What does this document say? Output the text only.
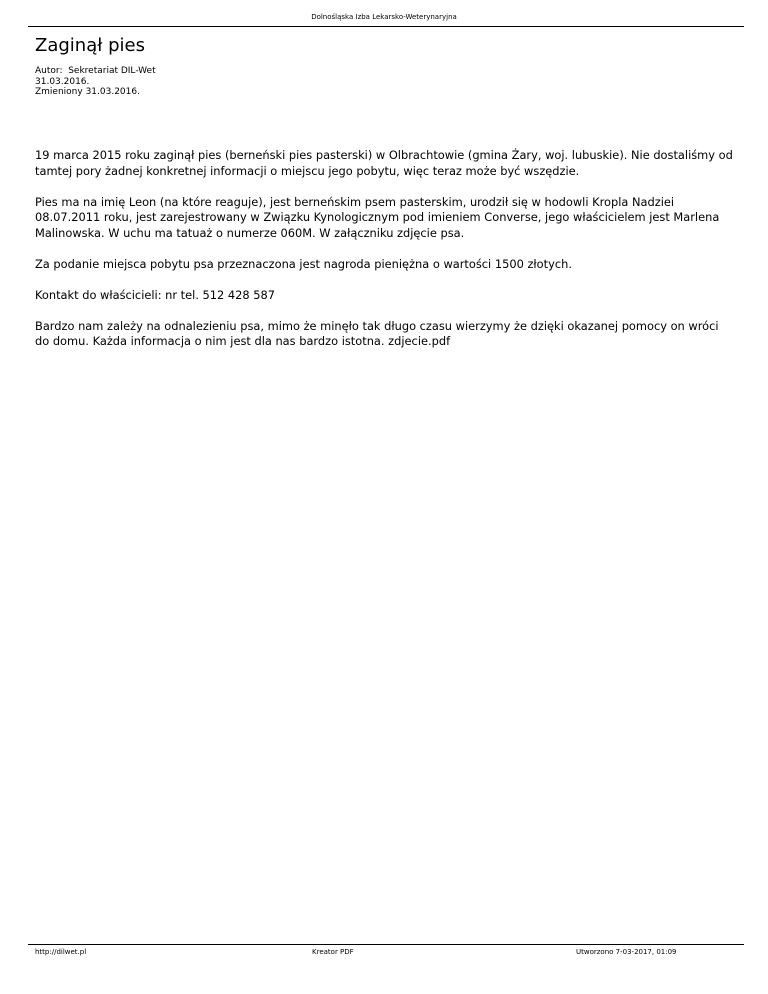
Dolnośląska Izba Lekarsko-Weterynaryjna
Zaginął pies
Autor:  Sekretariat DIL-Wet
31.03.2016.
Zmieniony 31.03.2016.

19 marca 2015 roku zaginął pies (berneński pies pasterski) w Olbrachtowie (gmina Żary, woj. lubuskie). Nie dostaliśmy od tamtej pory żadnej konkretnej informacji o miejscu jego pobytu, więc teraz może być wszędzie.

Pies ma na imię Leon (na które reaguje), jest berneńskim psem pasterskim, urodził się w hodowli Kropla Nadziei 08.07.2011 roku, jest zarejestrowany w Związku Kynologicznym pod imieniem Converse, jego właścicielem jest Marlena Malinowska. W uchu ma tatuaż o numerze 060M. W załączniku zdjęcie psa.

Za podanie miejsca pobytu psa przeznaczona jest nagroda pieniężna o wartości 1500 złotych.

Kontakt do właścicieli: nr tel. 512 428 587

Bardzo nam zależy na odnalezieniu psa, mimo że minęło tak długo czasu wierzymy że dzięki okazanej pomocy on wróci do domu. Każda informacja o nim jest dla nas bardzo istotna. zdjecie.pdf

http://dilwet.pl	Kreator PDF	Utworzono 7-03-2017, 01:09
